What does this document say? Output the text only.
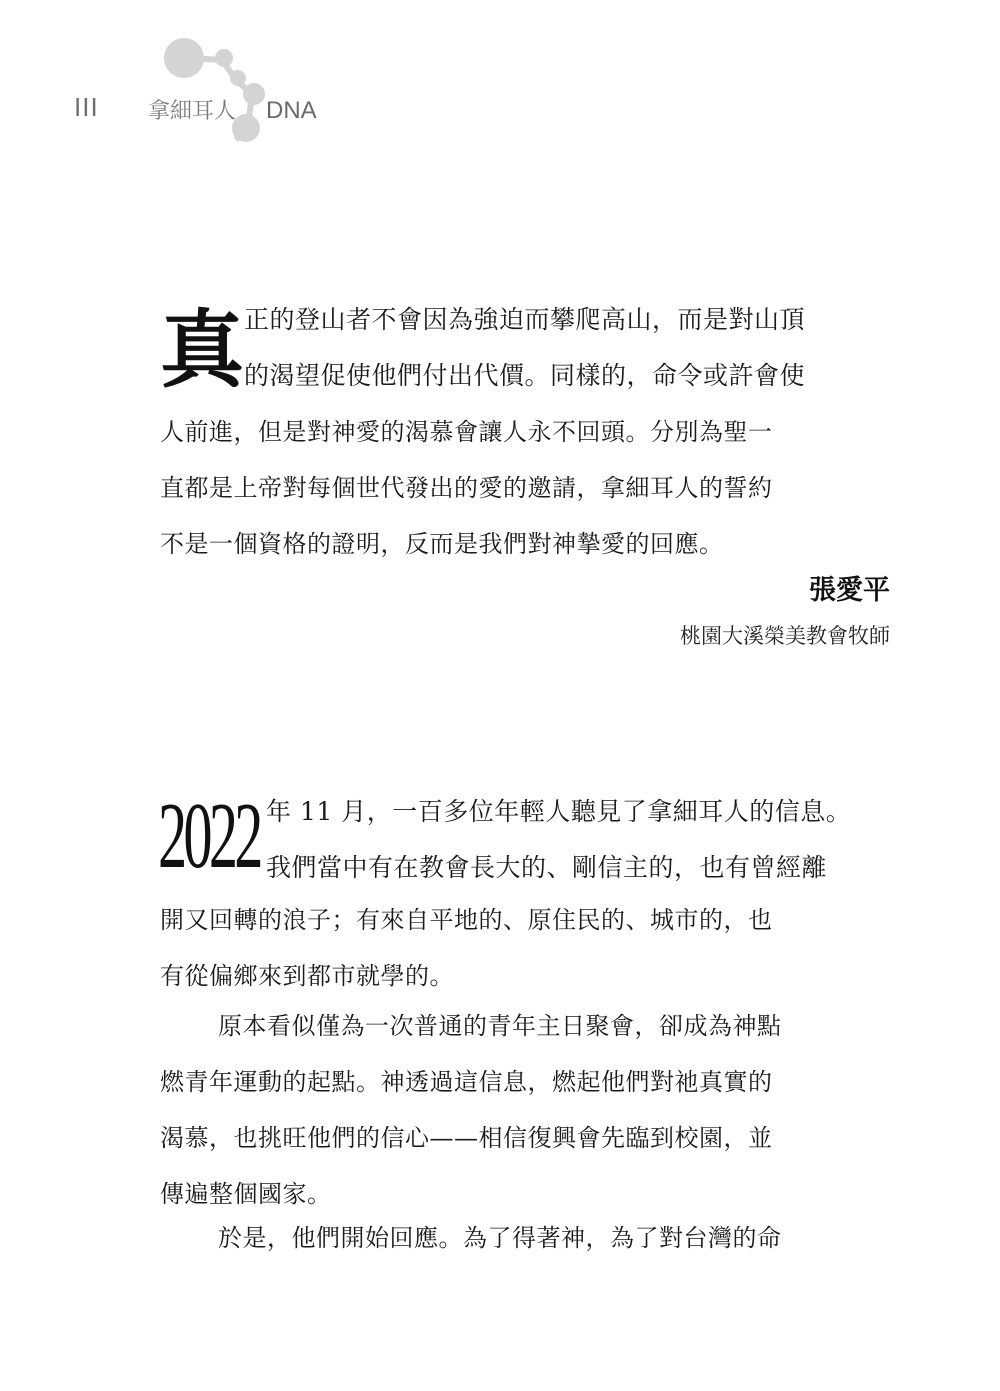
III 拿細耳人 DNA
真 正的登山者不會因為強迫而攀爬高山，而是對山頂
的渴望促使他們付出代價。同樣的，命令或許會使
人前進，但是對神愛的渴慕會讓人永不回頭。分別為聖一
直都是上帝對每個世代發出的愛的邀請，拿細耳人的誓約
不是一個資格的證明，反而是我們對神摯愛的回應。
張愛平
桃園大溪榮美教會牧師
2022 年 11 月，一百多位年輕人聽見了拿細耳人的信息。
我們當中有在教會長大的、剛信主的，也有曾經離
開又回轉的浪子；有來自平地的、原住民的、城市的，也
有從偏鄉來到都市就學的。
原本看似僅為一次普通的青年主日聚會，卻成為神點
燃青年運動的起點。神透過這信息，燃起他們對祂真實的
渴慕，也挑旺他們的信心——相信復興會先臨到校園，並
傳遍整個國家。
於是，他們開始回應。為了得著神，為了對台灣的命
